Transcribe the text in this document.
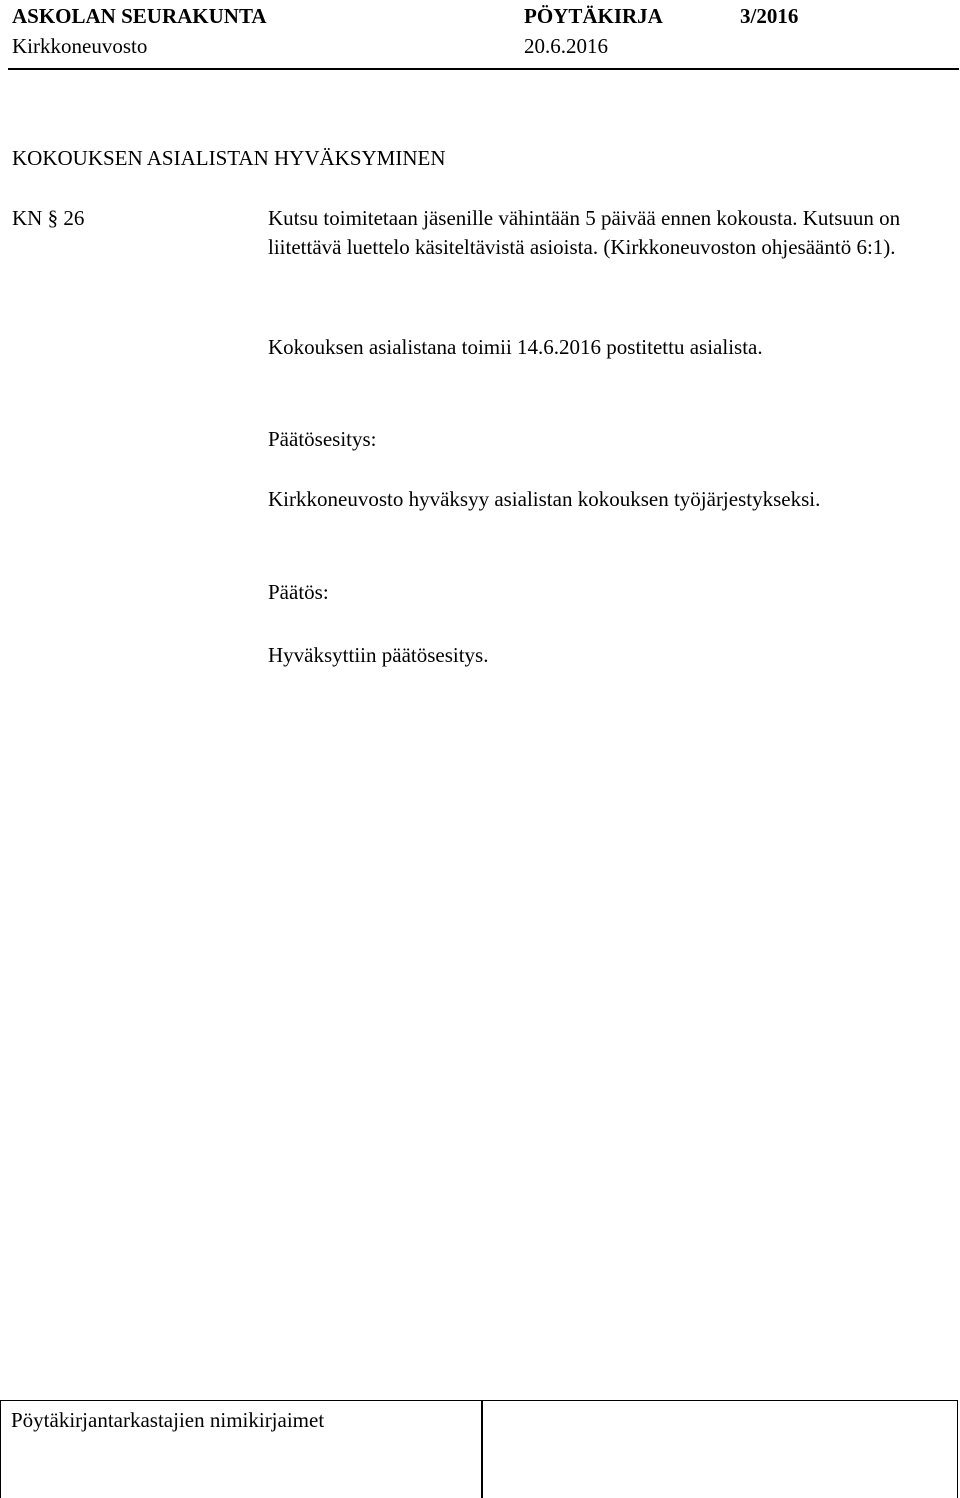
ASKOLAN SEURAKUNTA	PÖYTÄKIRJA	3/2016
Kirkkoneuvosto	20.6.2016
KOKOUKSEN ASIALISTAN HYVÄKSYMINEN
KN § 26	Kutsu toimitetaan jäsenille vähintään 5 päivää ennen kokousta. Kutsuun on liitettävä luettelo käsiteltävistä asioista. (Kirkkoneuvoston ohjesääntö 6:1).
Kokouksen asialistana toimii 14.6.2016 postitettu asialista.
Päätösesitys:
Kirkkoneuvosto hyväksyy asialistan kokouksen työjärjestykseksi.
Päätös:
Hyväksyttiin päätösesitys.
Pöytäkirjantarkastajien nimikirjaimet
